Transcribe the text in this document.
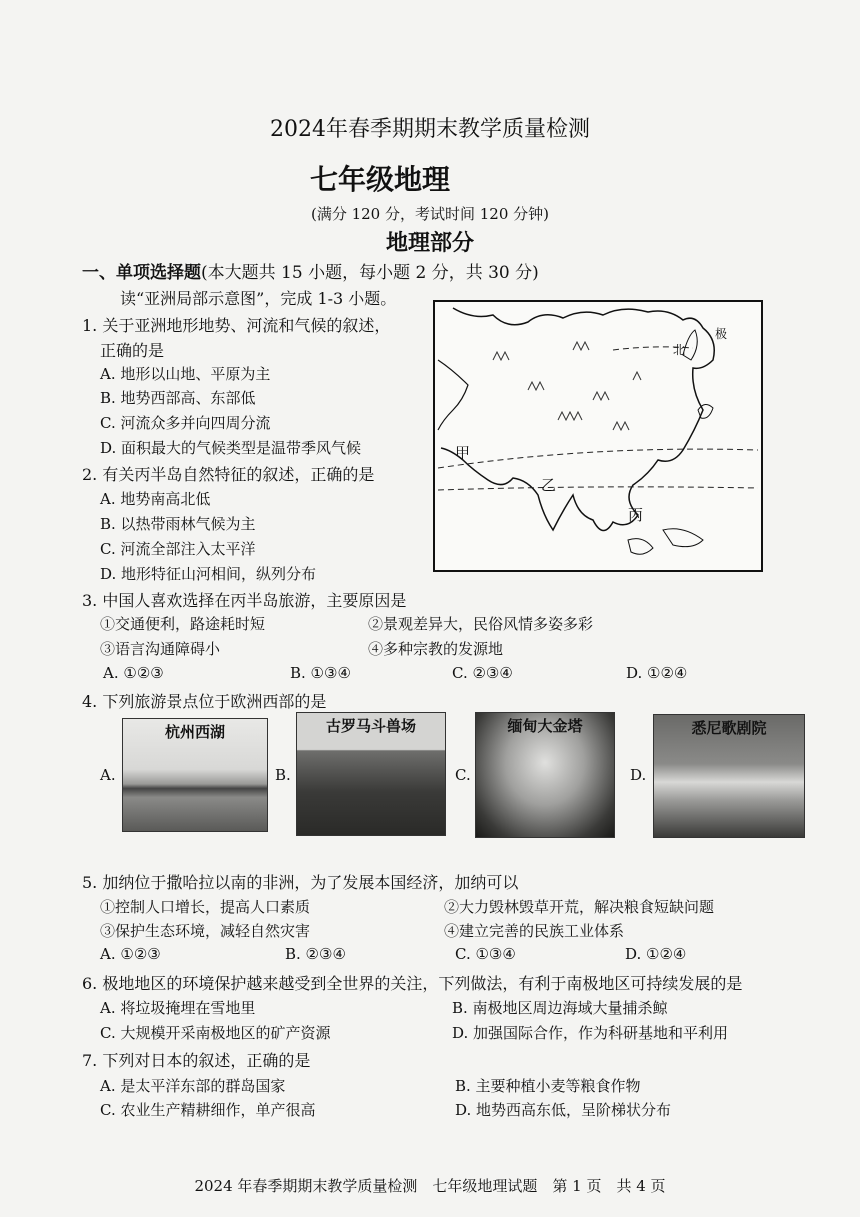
2024年春季期期末教学质量检测
七年级地理
(满分 120 分，考试时间 120 分钟)
地理部分
一、单项选择题(本大题共 15 小题，每小题 2 分，共 30 分)
读“亚洲局部示意图”，完成 1-3 小题。
甲
乙
丙
北
极
1. 关于亚洲地形地势、河流和气候的叙述，
正确的是
A. 地形以山地、平原为主
B. 地势西部高、东部低
C. 河流众多并向四周分流
D. 面积最大的气候类型是温带季风气候
2. 有关丙半岛自然特征的叙述，正确的是
A. 地势南高北低
B. 以热带雨林气候为主
C. 河流全部注入太平洋
D. 地形特征山河相间，纵列分布
3. 中国人喜欢选择在丙半岛旅游，主要原因是
①交通便利，路途耗时短	②景观差异大，民俗风情多姿多彩
③语言沟通障碍小	④多种宗教的发源地
A. ①②③	B. ①③④	C. ②③④	D. ①②④
4. 下列旅游景点位于欧洲西部的是
A.
杭州西湖
B.
古罗马斗兽场
C.
缅甸大金塔
D.
悉尼歌剧院
5. 加纳位于撒哈拉以南的非洲，为了发展本国经济，加纳可以
①控制人口增长，提高人口素质	②大力毁林毁草开荒，解决粮食短缺问题
③保护生态环境，减轻自然灾害	④建立完善的民族工业体系
A. ①②③	B. ②③④	C. ①③④	D. ①②④
6. 极地地区的环境保护越来越受到全世界的关注，下列做法，有利于南极地区可持续发展的是
A. 将垃圾掩埋在雪地里	B. 南极地区周边海域大量捕杀鲸
C. 大规模开采南极地区的矿产资源	D. 加强国际合作，作为科研基地和平利用
7. 下列对日本的叙述，正确的是
A. 是太平洋东部的群岛国家	B. 主要种植小麦等粮食作物
C. 农业生产精耕细作，单产很高	D. 地势西高东低，呈阶梯状分布
2024 年春季期期末教学质量检测　七年级地理试题　第 1 页　共 4 页
